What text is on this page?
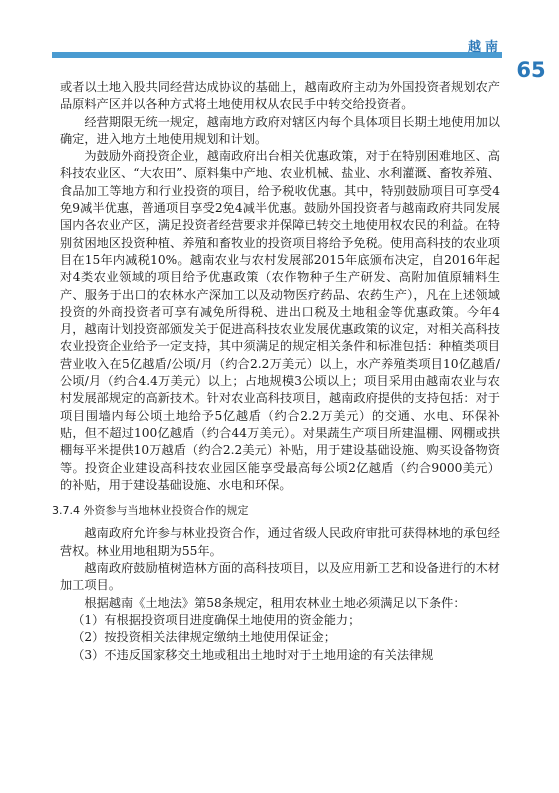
越南
65

或者以土地入股共同经营达成协议的基础上，越南政府主动为外国投资者规划农产品原料产区并以各种方式将土地使用权从农民手中转交给投资者。

经营期限无统一规定，越南地方政府对辖区内每个具体项目长期土地使用加以确定，进入地方土地使用规划和计划。

为鼓励外商投资企业，越南政府出台相关优惠政策，对于在特别困难地区、高科技农业区、“大农田”、原料集中产地、农业机械、盐业、水利灌溉、畜牧养殖、食品加工等地方和行业投资的项目，给予税收优惠。其中，特别鼓励项目可享受4免9减半优惠，普通项目享受2免4减半优惠。鼓励外国投资者与越南政府共同发展国内各农业产区，满足投资者经营要求并保障已转交土地使用权农民的利益。在特别贫困地区投资种植、养殖和畜牧业的投资项目将给予免税。使用高科技的农业项目在15年内减税10%。越南农业与农村发展部2015年底颁布决定，自2016年起对4类农业领域的项目给予优惠政策（农作物种子生产研发、高附加值原辅料生产、服务于出口的农林水产深加工以及动物医疗药品、农药生产），凡在上述领域投资的外商投资者可享有减免所得税、进出口税及土地租金等优惠政策。今年4月，越南计划投资部颁发关于促进高科技农业发展优惠政策的议定，对相关高科技农业投资企业给予一定支持，其中须满足的规定相关条件和标准包括：种植类项目营业收入在5亿越盾/公顷/月（约合2.2万美元）以上，水产养殖类项目10亿越盾/公顷/月（约合4.4万美元）以上；占地规模3公顷以上；项目采用由越南农业与农村发展部规定的高新技术。针对农业高科技项目，越南政府提供的支持包括：对于项目围墙内每公顷土地给予5亿越盾（约合2.2万美元）的交通、水电、环保补贴，但不超过100亿越盾（约合44万美元）。对果蔬生产项目所建温棚、网棚或拱棚每平米提供10万越盾（约合2.2美元）补贴，用于建设基础设施、购买设备物资等。投资企业建设高科技农业园区能享受最高每公顷2亿越盾（约合9000美元）的补贴，用于建设基础设施、水电和环保。

3.7.4 外资参与当地林业投资合作的规定

越南政府允许参与林业投资合作，通过省级人民政府审批可获得林地的承包经营权。林业用地租期为55年。

越南政府鼓励植树造林方面的高科技项目，以及应用新工艺和设备进行的木材加工项目。

根据越南《土地法》第58条规定，租用农林业土地必须满足以下条件：

（1）有根据投资项目进度确保土地使用的资金能力；

（2）按投资相关法律规定缴纳土地使用保证金；

（3）不违反国家移交土地或租出土地时对于土地用途的有关法律规
